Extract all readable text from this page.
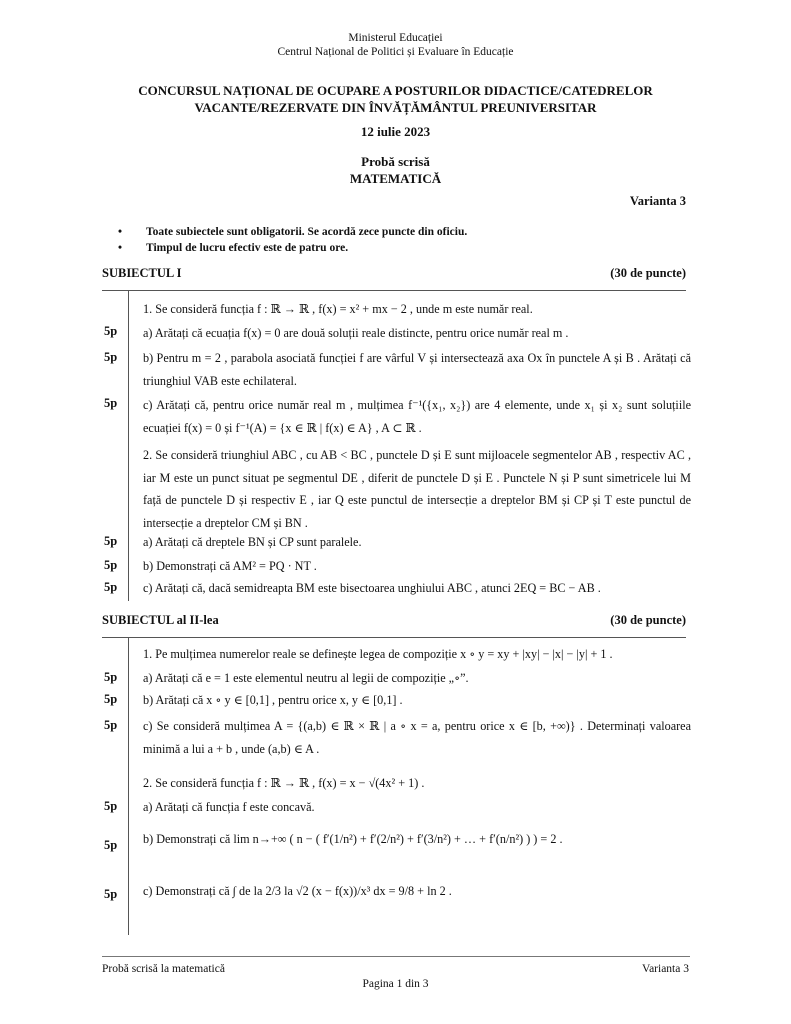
Ministerul Educației
Centrul Național de Politici și Evaluare în Educație
CONCURSUL NAȚIONAL DE OCUPARE A POSTURILOR DIDACTICE/CATEDRELOR
VACANTE/REZERVATE DIN ÎNVĂȚĂMÂNTUL PREUNIVERSITAR
12 iulie 2023
Probă scrisă
MATEMATICĂ
Varianta 3
• Toate subiectele sunt obligatorii. Se acordă zece puncte din oficiu.
• Timpul de lucru efectiv este de patru ore.
SUBIECTUL I	(30 de puncte)
1. Se consideră funcția f : ℝ → ℝ , f(x) = x² + mx − 2 , unde m este număr real.
5p a) Arătați că ecuația f(x) = 0 are două soluții reale distincte, pentru orice număr real m .
5p b) Pentru m = 2 , parabola asociată funcției f are vârful V și intersectează axa Ox în punctele A și B . Arătați că triunghiul VAB este echilateral.
5p c) Arătați că, pentru orice număr real m , mulțimea f⁻¹({x₁, x₂}) are 4 elemente, unde x₁ și x₂ sunt soluțiile ecuației f(x) = 0 și f⁻¹(A) = {x ∈ ℝ | f(x) ∈ A} , A ⊂ ℝ .
2. Se consideră triunghiul ABC , cu AB < BC , punctele D și E sunt mijloacele segmentelor AB , respectiv AC , iar M este un punct situat pe segmentul DE , diferit de punctele D și E . Punctele N și P sunt simetricele lui M față de punctele D și respectiv E , iar Q este punctul de intersecție a dreptelor BM și CP și T este punctul de intersecție a dreptelor CM și BN .
5p a) Arătați că dreptele BN și CP sunt paralele.
5p b) Demonstrați că AM² = PQ · NT .
5p c) Arătați că, dacă semidreapta BM este bisectoarea unghiului ABC , atunci 2EQ = BC − AB .
SUBIECTUL al II-lea	(30 de puncte)
1. Pe mulțimea numerelor reale se definește legea de compoziție x ∘ y = xy + |xy| − |x| − |y| + 1 .
5p a) Arătați că e = 1 este elementul neutru al legii de compoziție „∘”.
5p b) Arătați că x ∘ y ∈ [0,1] , pentru orice x, y ∈ [0,1] .
5p c) Se consideră mulțimea A = {(a,b) ∈ ℝ × ℝ | a ∘ x = a, pentru orice x ∈ [b, +∞)} . Determinați valoarea minimă a lui a + b , unde (a,b) ∈ A .
2. Se consideră funcția f : ℝ → ℝ , f(x) = x − √(4x² + 1) .
5p a) Arătați că funcția f este concavă.
5p b) Demonstrați că lim n→+∞ ( n − ( f′(1/n²) + f′(2/n²) + f′(3/n²) + … + f′(n/n²) ) ) = 2 .
5p c) Demonstrați că ∫ de la 2/3 la √2 (x − f(x))/x³ dx = 9/8 + ln 2 .
Probă scrisă la matematică	Varianta 3
Pagina 1 din 3
